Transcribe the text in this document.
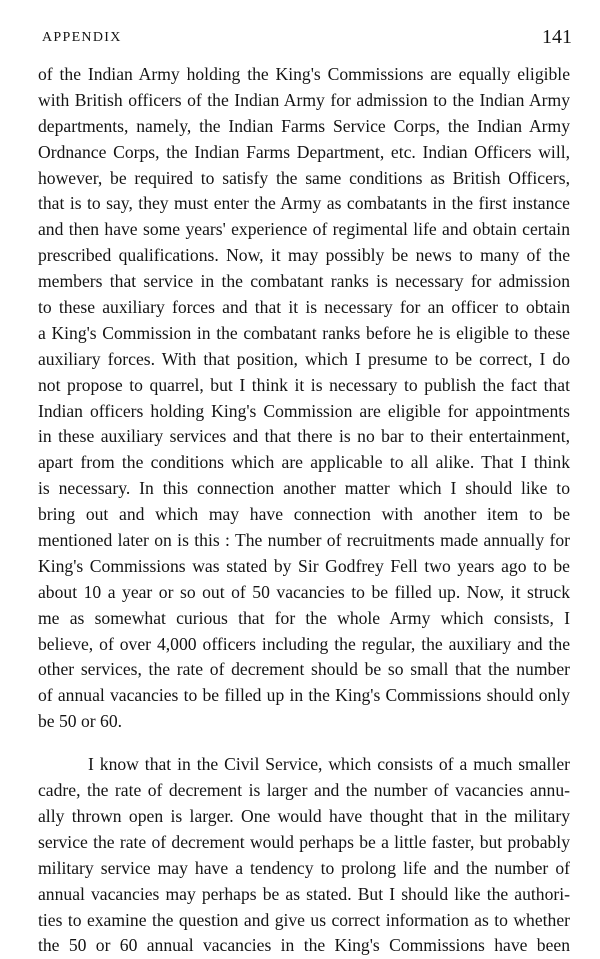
APPENDIX	141
of the Indian Army holding the King's Commissions are equally eligible
with British officers of the Indian Army for admission to the Indian Army
departments, namely, the Indian Farms Service Corps, the Indian Army
Ordnance Corps, the Indian Farms Department, etc. Indian Officers will,
however, be required to satisfy the same conditions as British Officers,
that is to say, they must enter the Army as combatants in the first instance
and then have some years' experience of regimental life and obtain certain
prescribed qualifications. Now, it may possibly be news to many of the
members that service in the combatant ranks is necessary for admission
to these auxiliary forces and that it is necessary for an officer to obtain
a King's Commission in the combatant ranks before he is eligible to these
auxiliary forces. With that position, which I presume to be correct, I do
not propose to quarrel, but I think it is necessary to publish the fact that
Indian officers holding King's Commission are eligible for appointments
in these auxiliary services and that there is no bar to their entertainment,
apart from the conditions which are applicable to all alike. That I think
is necessary. In this connection another matter which I should like to
bring out and which may have connection with another item to be
mentioned later on is this : The number of recruitments made annually for
King's Commissions was stated by Sir Godfrey Fell two years ago to be
about 10 a year or so out of 50 vacancies to be filled up. Now, it struck
me as somewhat curious that for the whole Army which consists, I
believe, of over 4,000 officers including the regular, the auxiliary and the
other services, the rate of decrement should be so small that the number
of annual vacancies to be filled up in the King's Commissions should only
be 50 or 60.
I know that in the Civil Service, which consists of a much smaller
cadre, the rate of decrement is larger and the number of vacancies annu-
ally thrown open is larger. One would have thought that in the military
service the rate of decrement would perhaps be a little faster, but probably
military service may have a tendency to prolong life and the number of
annual vacancies may perhaps be as stated. But I should like the authori-
ties to examine the question and give us correct information as to whether
the 50 or 60 annual vacancies in the King's Commissions have been
